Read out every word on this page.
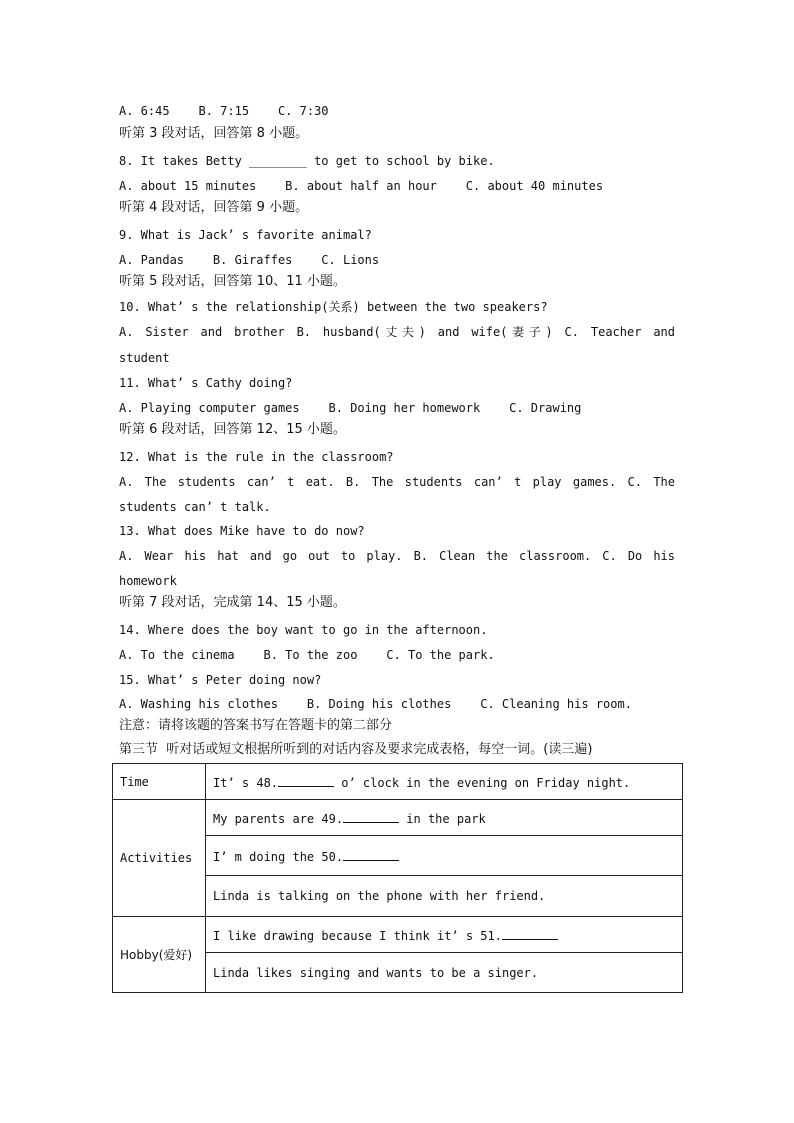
A. 6:45    B. 7:15    C. 7:30
听第 3 段对话，回答第 8 小题。
8. It takes Betty ________ to get to school by bike.
A. about 15 minutes    B. about half an hour    C. about 40 minutes
听第 4 段对话，回答第 9 小题。
9. What is Jack’ s favorite animal?
A. Pandas    B. Giraffes    C. Lions
听第 5 段对话，回答第 10、11 小题。
10. What’ s the relationship(关系) between the two speakers?
A. Sister and brother B. husband(丈夫) and wife(妻子) C. Teacher and
student
11. What’ s Cathy doing?
A. Playing computer games    B. Doing her homework    C. Drawing
听第 6 段对话，回答第 12、15 小题。
12. What is the rule in the classroom?
A. The students can’ t eat. B. The students can’ t play games. C. The
students can’ t talk.
13. What does Mike have to do now?
A. Wear his hat and go out to play. B. Clean the classroom. C. Do his
homework
听第 7 段对话，完成第 14、15 小题。
14. Where does the boy want to go in the afternoon.
A. To the cinema    B. To the zoo    C. To the park.
15. What’ s Peter doing now?
A. Washing his clothes    B. Doing his clothes    C. Cleaning his room.
注意：请将该题的答案书写在答题卡的第二部分
第三节  听对话或短文根据所听到的对话内容及要求完成表格，每空一词。(读三遍)
Time	It’ s 48. o’ clock in the evening on Friday night.
Activities	My parents are 49. in the park
	I’ m doing the 50.
	Linda is talking on the phone with her friend.
Hobby(爱好)	I like drawing because I think it’ s 51.
	Linda likes singing and wants to be a singer.
